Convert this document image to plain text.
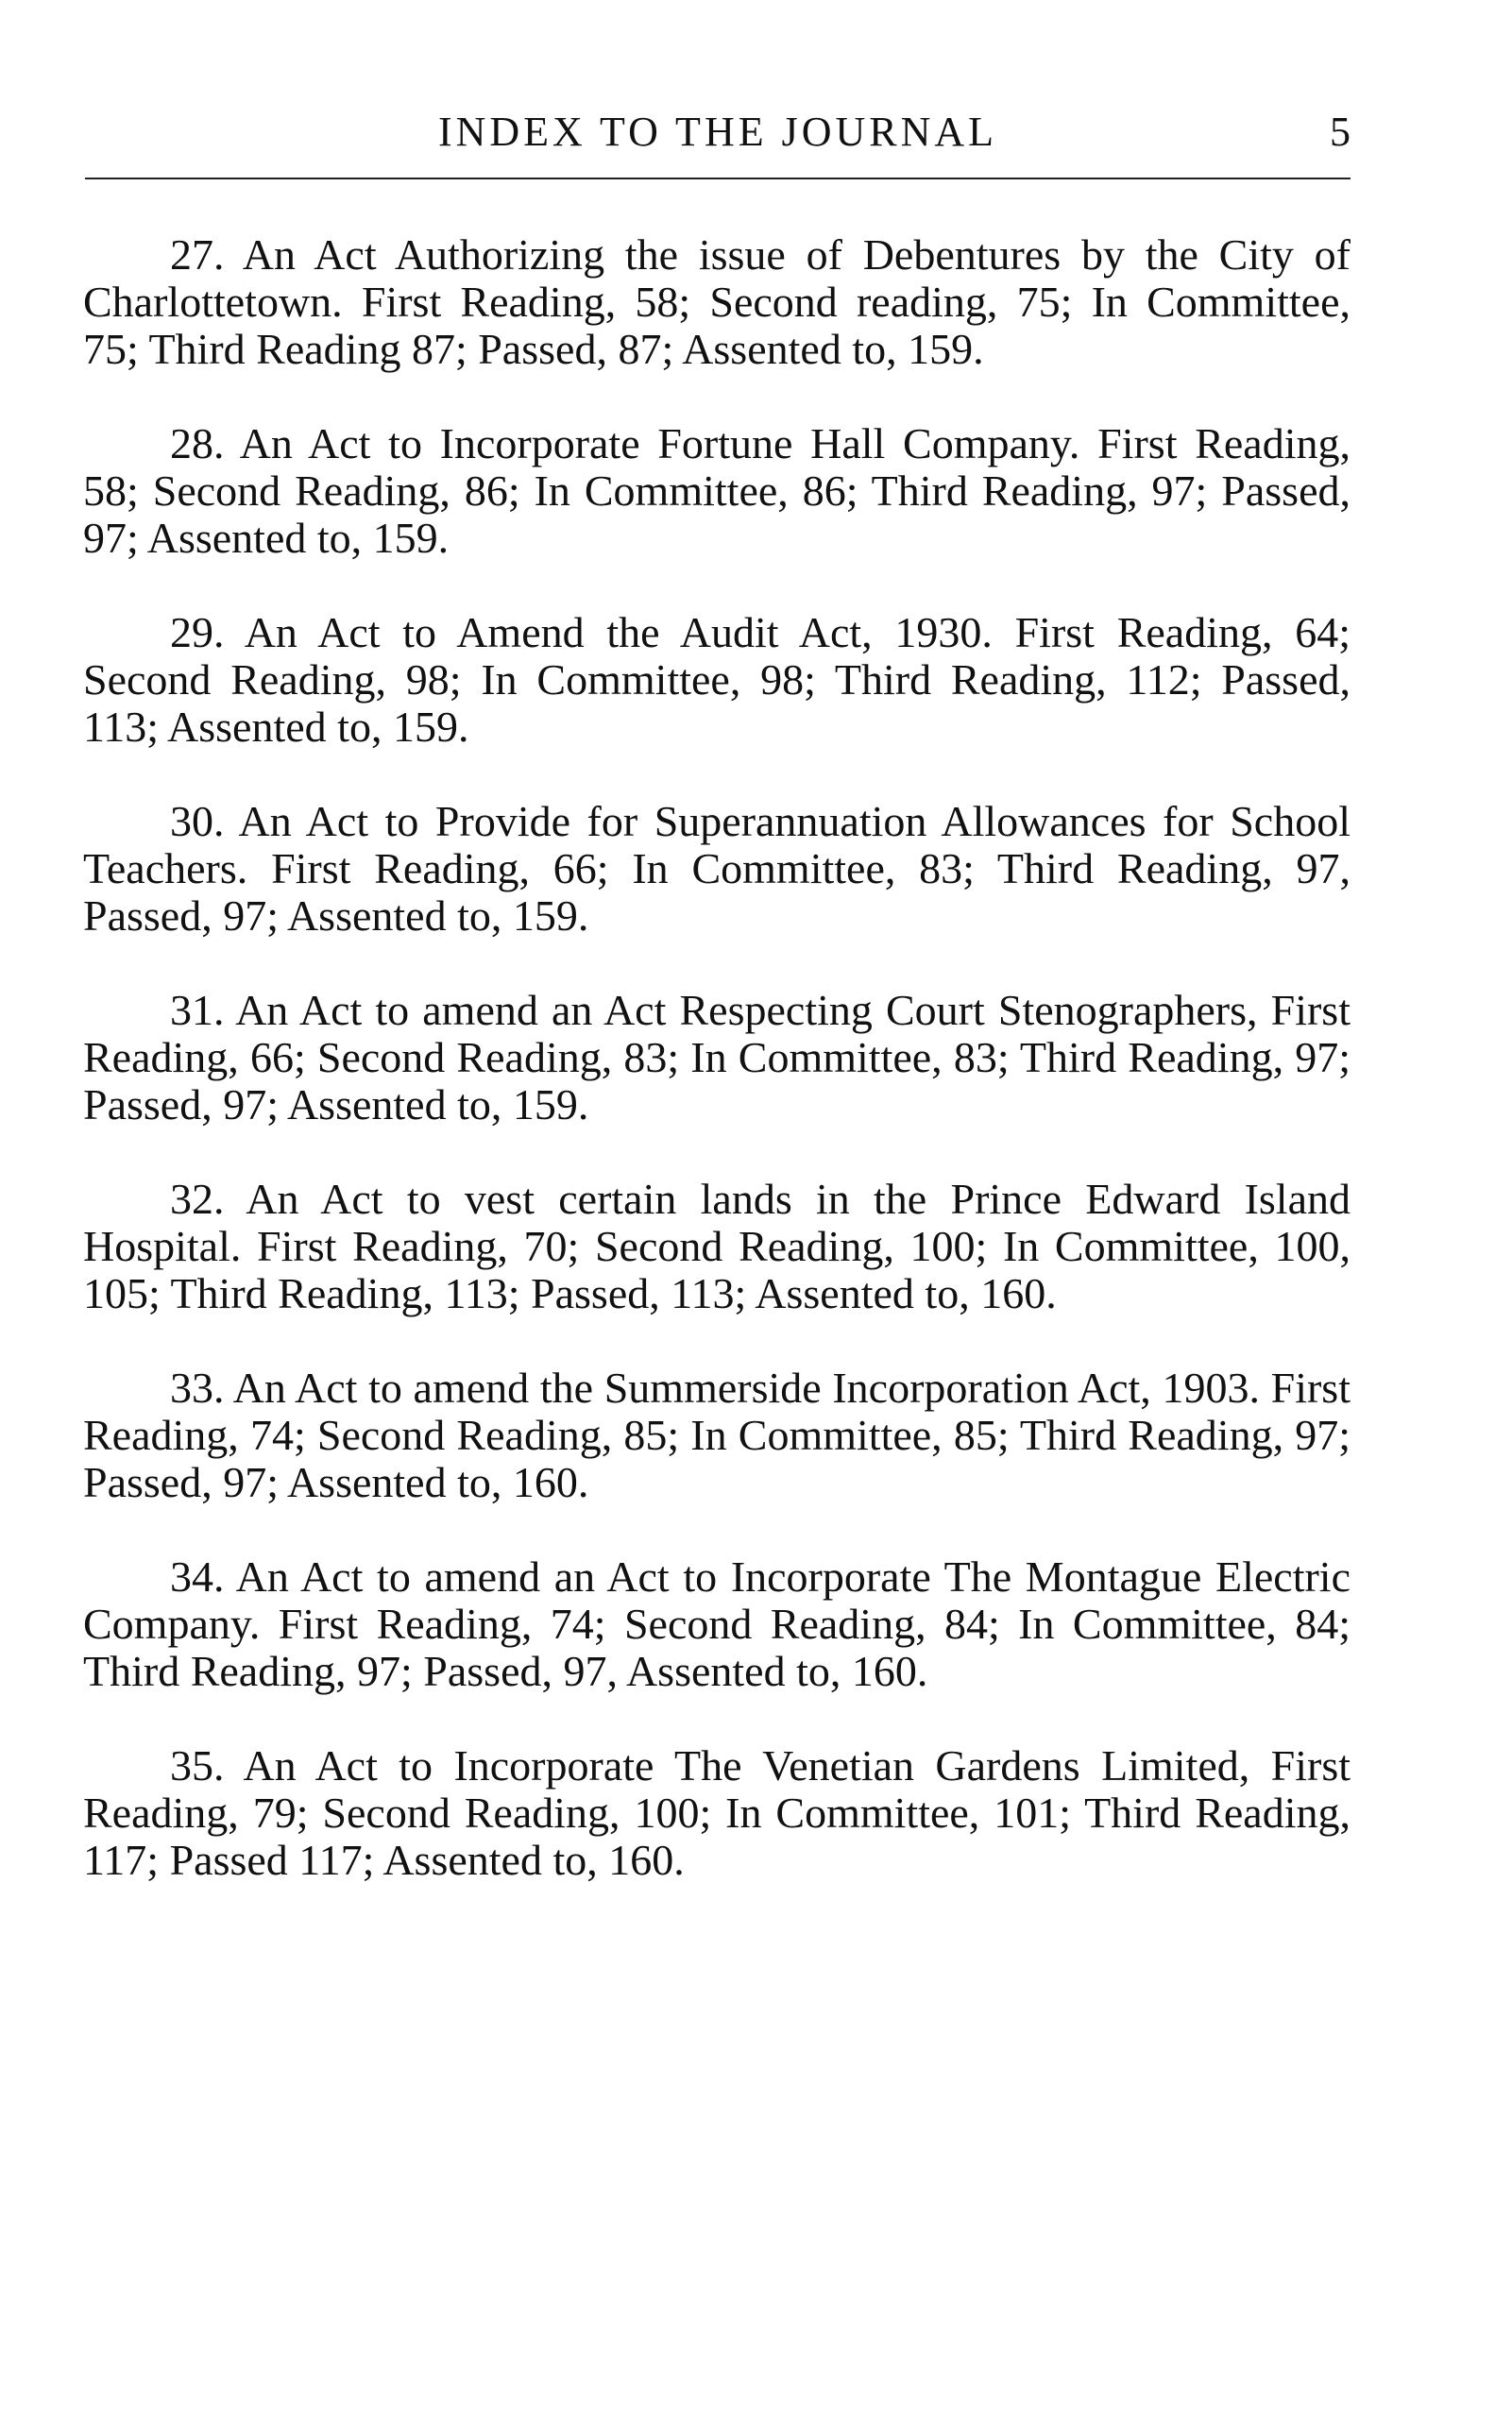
INDEX TO THE JOURNAL	5

27. An Act Authorizing the issue of Debentures by the City of Charlottetown. First Reading, 58; Second reading, 75; In Committee, 75; Third Reading 87; Passed, 87; Assented to, 159.

28. An Act to Incorporate Fortune Hall Company. First Reading, 58; Second Reading, 86; In Committee, 86; Third Reading, 97; Passed, 97; Assented to, 159.

29. An Act to Amend the Audit Act, 1930. First Reading, 64; Second Reading, 98; In Committee, 98; Third Reading, 112; Passed, 113; Assented to, 159.

30. An Act to Provide for Superannuation Allowances for School Teachers. First Reading, 66; In Committee, 83; Third Reading, 97, Passed, 97; Assented to, 159.

31. An Act to amend an Act Respecting Court Stenographers, First Reading, 66; Second Reading, 83; In Committee, 83; Third Reading, 97; Passed, 97; Assented to, 159.

32. An Act to vest certain lands in the Prince Edward Island Hospital. First Reading, 70; Second Reading, 100; In Committee, 100, 105; Third Reading, 113; Passed, 113; Assented to, 160.

33. An Act to amend the Summerside Incorporation Act, 1903. First Reading, 74; Second Reading, 85; In Committee, 85; Third Reading, 97; Passed, 97; Assented to, 160.

34. An Act to amend an Act to Incorporate The Montague Electric Company. First Reading, 74; Second Reading, 84; In Committee, 84; Third Reading, 97; Passed, 97, Assented to, 160.

35. An Act to Incorporate The Venetian Gardens Limited, First Reading, 79; Second Reading, 100; In Committee, 101; Third Reading, 117; Passed 117; Assented to, 160.
